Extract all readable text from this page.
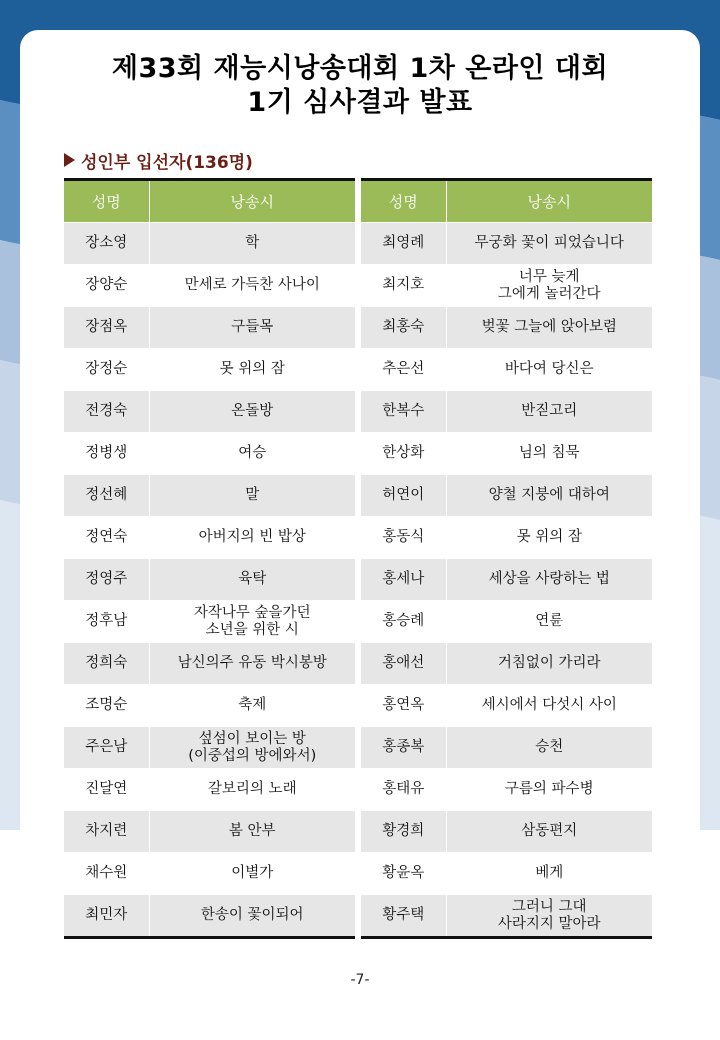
제33회 재능시낭송대회 1차 온라인 대회
1기 심사결과 발표
성인부 입선자(136명)
성명	낭송시
장소영	학
장양순	만세로 가득찬 사나이
장점옥	구들목
장정순	못 위의 잠
전경숙	온돌방
정병생	여승
정선혜	말
정연숙	아버지의 빈 밥상
정영주	육탁
정후남	자작나무 숲을가던
소년을 위한 시
정희숙	남신의주 유동 박시봉방
조명순	축제
주은남	섶섬이 보이는 방
(이중섭의 방에와서)
진달연	갈보리의 노래
차지련	봄 안부
채수원	이별가
최민자	한송이 꽃이되어
성명	낭송시
최영례	무궁화 꽃이 피었습니다
최지호	너무 늦게
그에게 놀러간다
최홍숙	벚꽃 그늘에 앉아보렴
추은선	바다여 당신은
한복수	반짇고리
한상화	님의 침묵
허연이	양철 지붕에 대하여
홍동식	못 위의 잠
홍세나	세상을 사랑하는 법
홍승례	연륜
홍애선	거침없이 가리라
홍연옥	세시에서 다섯시 사이
홍종복	승천
홍태유	구름의 파수병
황경희	삼동편지
황윤옥	베게
황주택	그러니 그대
사라지지 말아라
-7-
